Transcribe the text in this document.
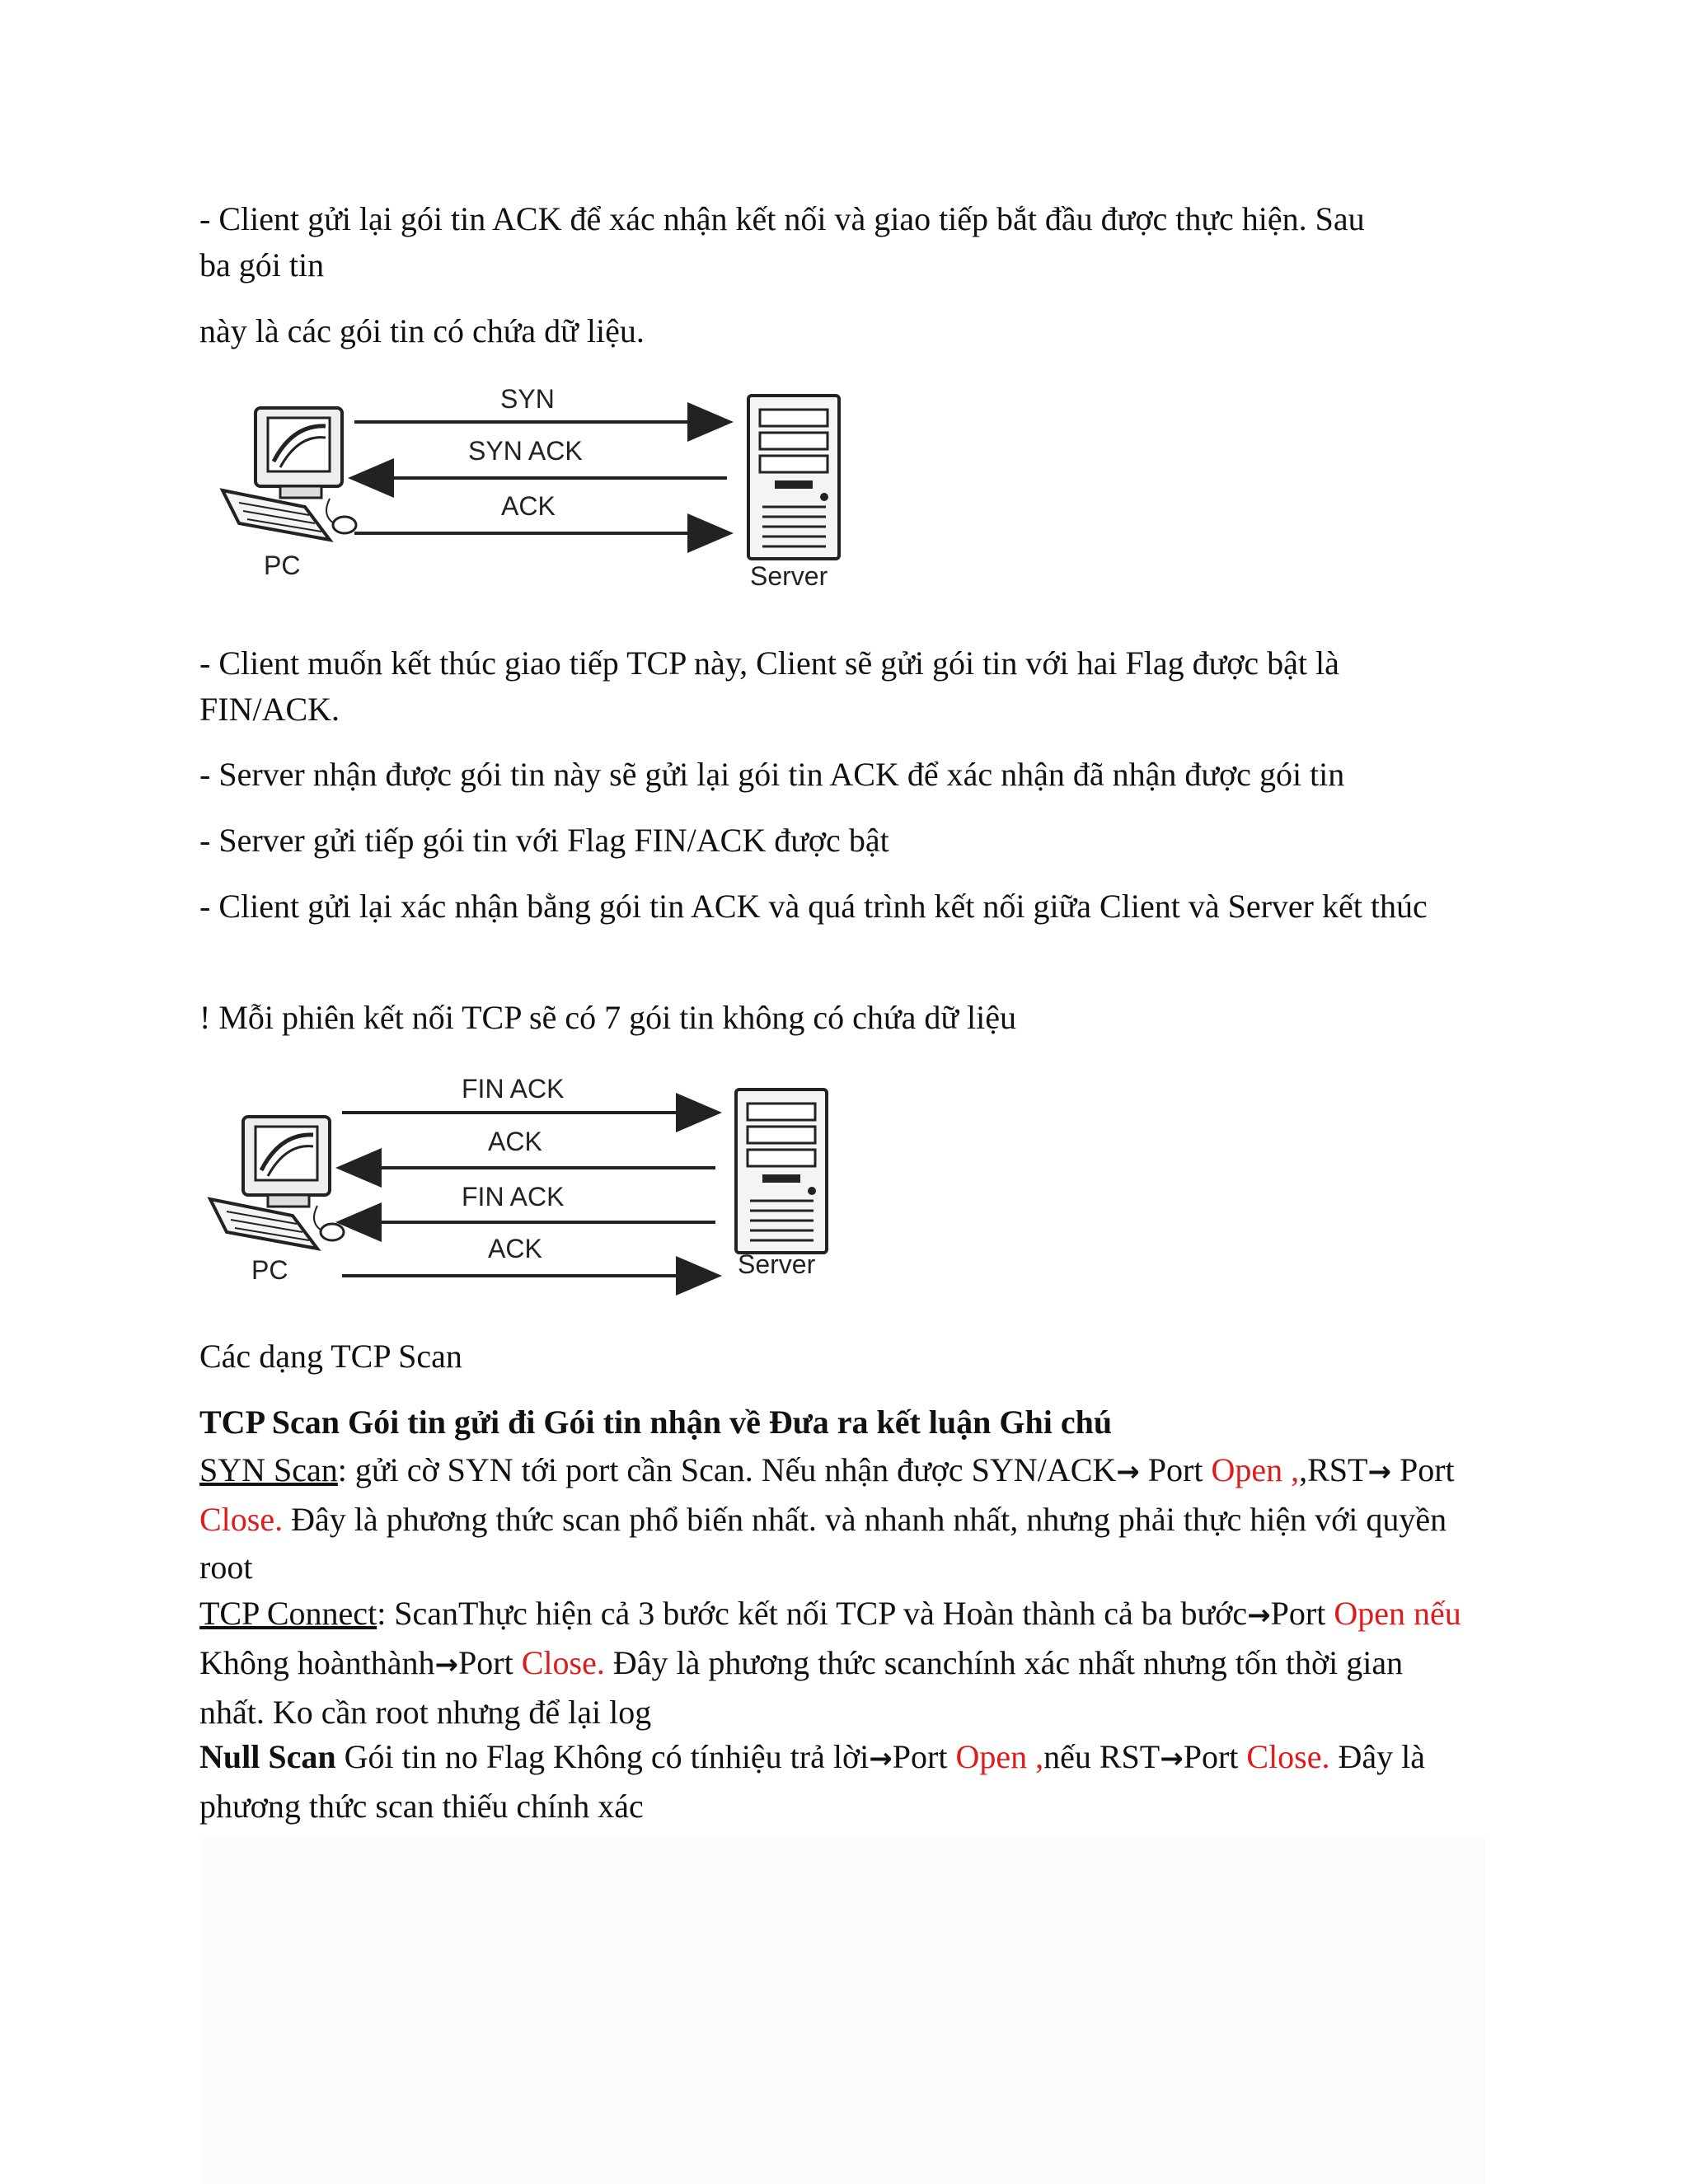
- Client gửi lại gói tin ACK để xác nhận kết nối và giao tiếp bắt đầu được thực hiện. Sau
ba gói tin

này là các gói tin có chứa dữ liệu.

PC	Server
SYN
SYN ACK
ACK

- Client muốn kết thúc giao tiếp TCP này, Client sẽ gửi gói tin với hai Flag được bật là FIN/ACK.

- Server nhận được gói tin này sẽ gửi lại gói tin ACK để xác nhận đã nhận được gói tin

- Server gửi tiếp gói tin với Flag FIN/ACK được bật

- Client gửi lại xác nhận bằng gói tin ACK và quá trình kết nối giữa Client và Server kết thúc

! Mỗi phiên kết nối TCP sẽ có 7 gói tin không có chứa dữ liệu

PC	Server
FIN ACK
ACK
FIN ACK
ACK

Các dạng TCP Scan

TCP Scan Gói tin gửi đi Gói tin nhận về Đưa ra kết luận Ghi chú

SYN Scan: gửi cờ SYN tới port cần Scan. Nếu nhận được SYN/ACK→ Port Open ,,RST→ Port Close. Đây là phương thức scan phổ biến nhất. và nhanh nhất, nhưng phải thực hiện với quyền root

TCP Connect: ScanThực hiện cả 3 bước kết nối TCP và Hoàn thành cả ba bước→Port Open nếu Không hoànthành→Port Close. Đây là phương thức scanchính xác nhất nhưng tốn thời gian nhất. Ko cần root nhưng để lại log

Null Scan Gói tin no Flag Không có tínhiệu trả lời→Port Open ,nếu RST→Port Close. Đây là phương thức scan thiếu chính xác
